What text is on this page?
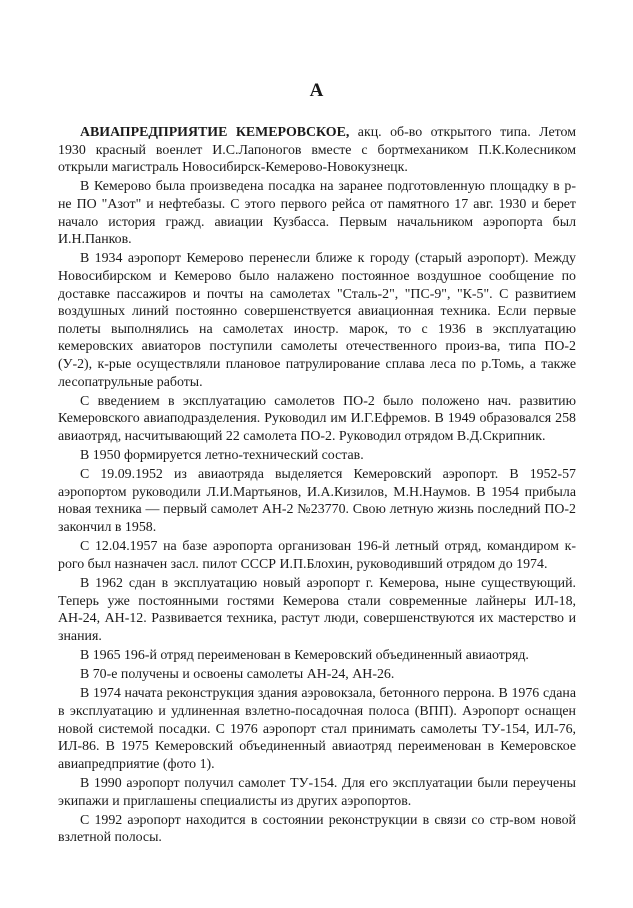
А

АВИАПРЕДПРИЯТИЕ КЕМЕРОВСКОЕ, акц. об-во открытого типа. Летом 1930 красный военлет И.С.Лапоногов вместе с бортмехаником П.К.Колесником открыли магистраль Новосибирск-Кемерово-Новокузнецк.

В Кемерово была произведена посадка на заранее подготовленную площадку в р-не ПО "Азот" и нефтебазы. С этого первого рейса от памятного 17 авг. 1930 и берет начало история гражд. авиации Кузбасса. Первым начальником аэропорта был И.Н.Панков.

В 1934 аэропорт Кемерово перенесли ближе к городу (старый аэропорт). Между Новосибирском и Кемерово было налажено постоянное воздушное сообщение по доставке пассажиров и почты на самолетах "Сталь-2", "ПС-9", "К-5". С развитием воздушных линий постоянно совершенствуется авиационная техника. Если первые полеты выполнялись на самолетах иностр. марок, то с 1936 в эксплуатацию кемеровских авиаторов поступили самолеты отечественного произ-ва, типа ПО-2 (У-2), к-рые осуществляли плановое патрулирование сплава леса по р.Томь, а также лесопатрульные работы.

С введением в эксплуатацию самолетов ПО-2 было положено нач. развитию Кемеровского авиаподразделения. Руководил им И.Г.Ефремов. В 1949 образовался 258 авиаотряд, насчитывающий 22 самолета ПО-2. Руководил отрядом В.Д.Скрипник.

В 1950 формируется летно-технический состав.

С 19.09.1952 из авиаотряда выделяется Кемеровский аэропорт. В 1952-57 аэропортом руководили Л.И.Мартьянов, И.А.Кизилов, М.Н.Наумов. В 1954 прибыла новая техника — первый самолет АН-2 №23770. Свою летную жизнь последний ПО-2 закончил в 1958.

С 12.04.1957 на базе аэропорта организован 196-й летный отряд, командиром к-рого был назначен засл. пилот СССР И.П.Блохин, руководивший отрядом до 1974.

В 1962 сдан в эксплуатацию новый аэропорт г. Кемерова, ныне существующий. Теперь уже постоянными гостями Кемерова стали современные лайнеры ИЛ-18, АН-24, АН-12. Развивается техника, растут люди, совершенствуются их мастерство и знания.

В 1965 196-й отряд переименован в Кемеровский объединенный авиаотряд.

В 70-е получены и освоены самолеты АН-24, АН-26.

В 1974 начата реконструкция здания аэровокзала, бетонного перрона. В 1976 сдана в эксплуатацию и удлиненная взлетно-посадочная полоса (ВПП). Аэропорт оснащен новой системой посадки. С 1976 аэропорт стал принимать самолеты ТУ-154, ИЛ-76, ИЛ-86. В 1975 Кемеровский объединенный авиаотряд переименован в Кемеровское авиапредприятие (фото 1).

В 1990 аэропорт получил самолет ТУ-154. Для его эксплуатации были переучены экипажи и приглашены специалисты из других аэропортов.

С 1992 аэропорт находится в состоянии реконструкции в связи со стр-вом новой взлетной полосы.
